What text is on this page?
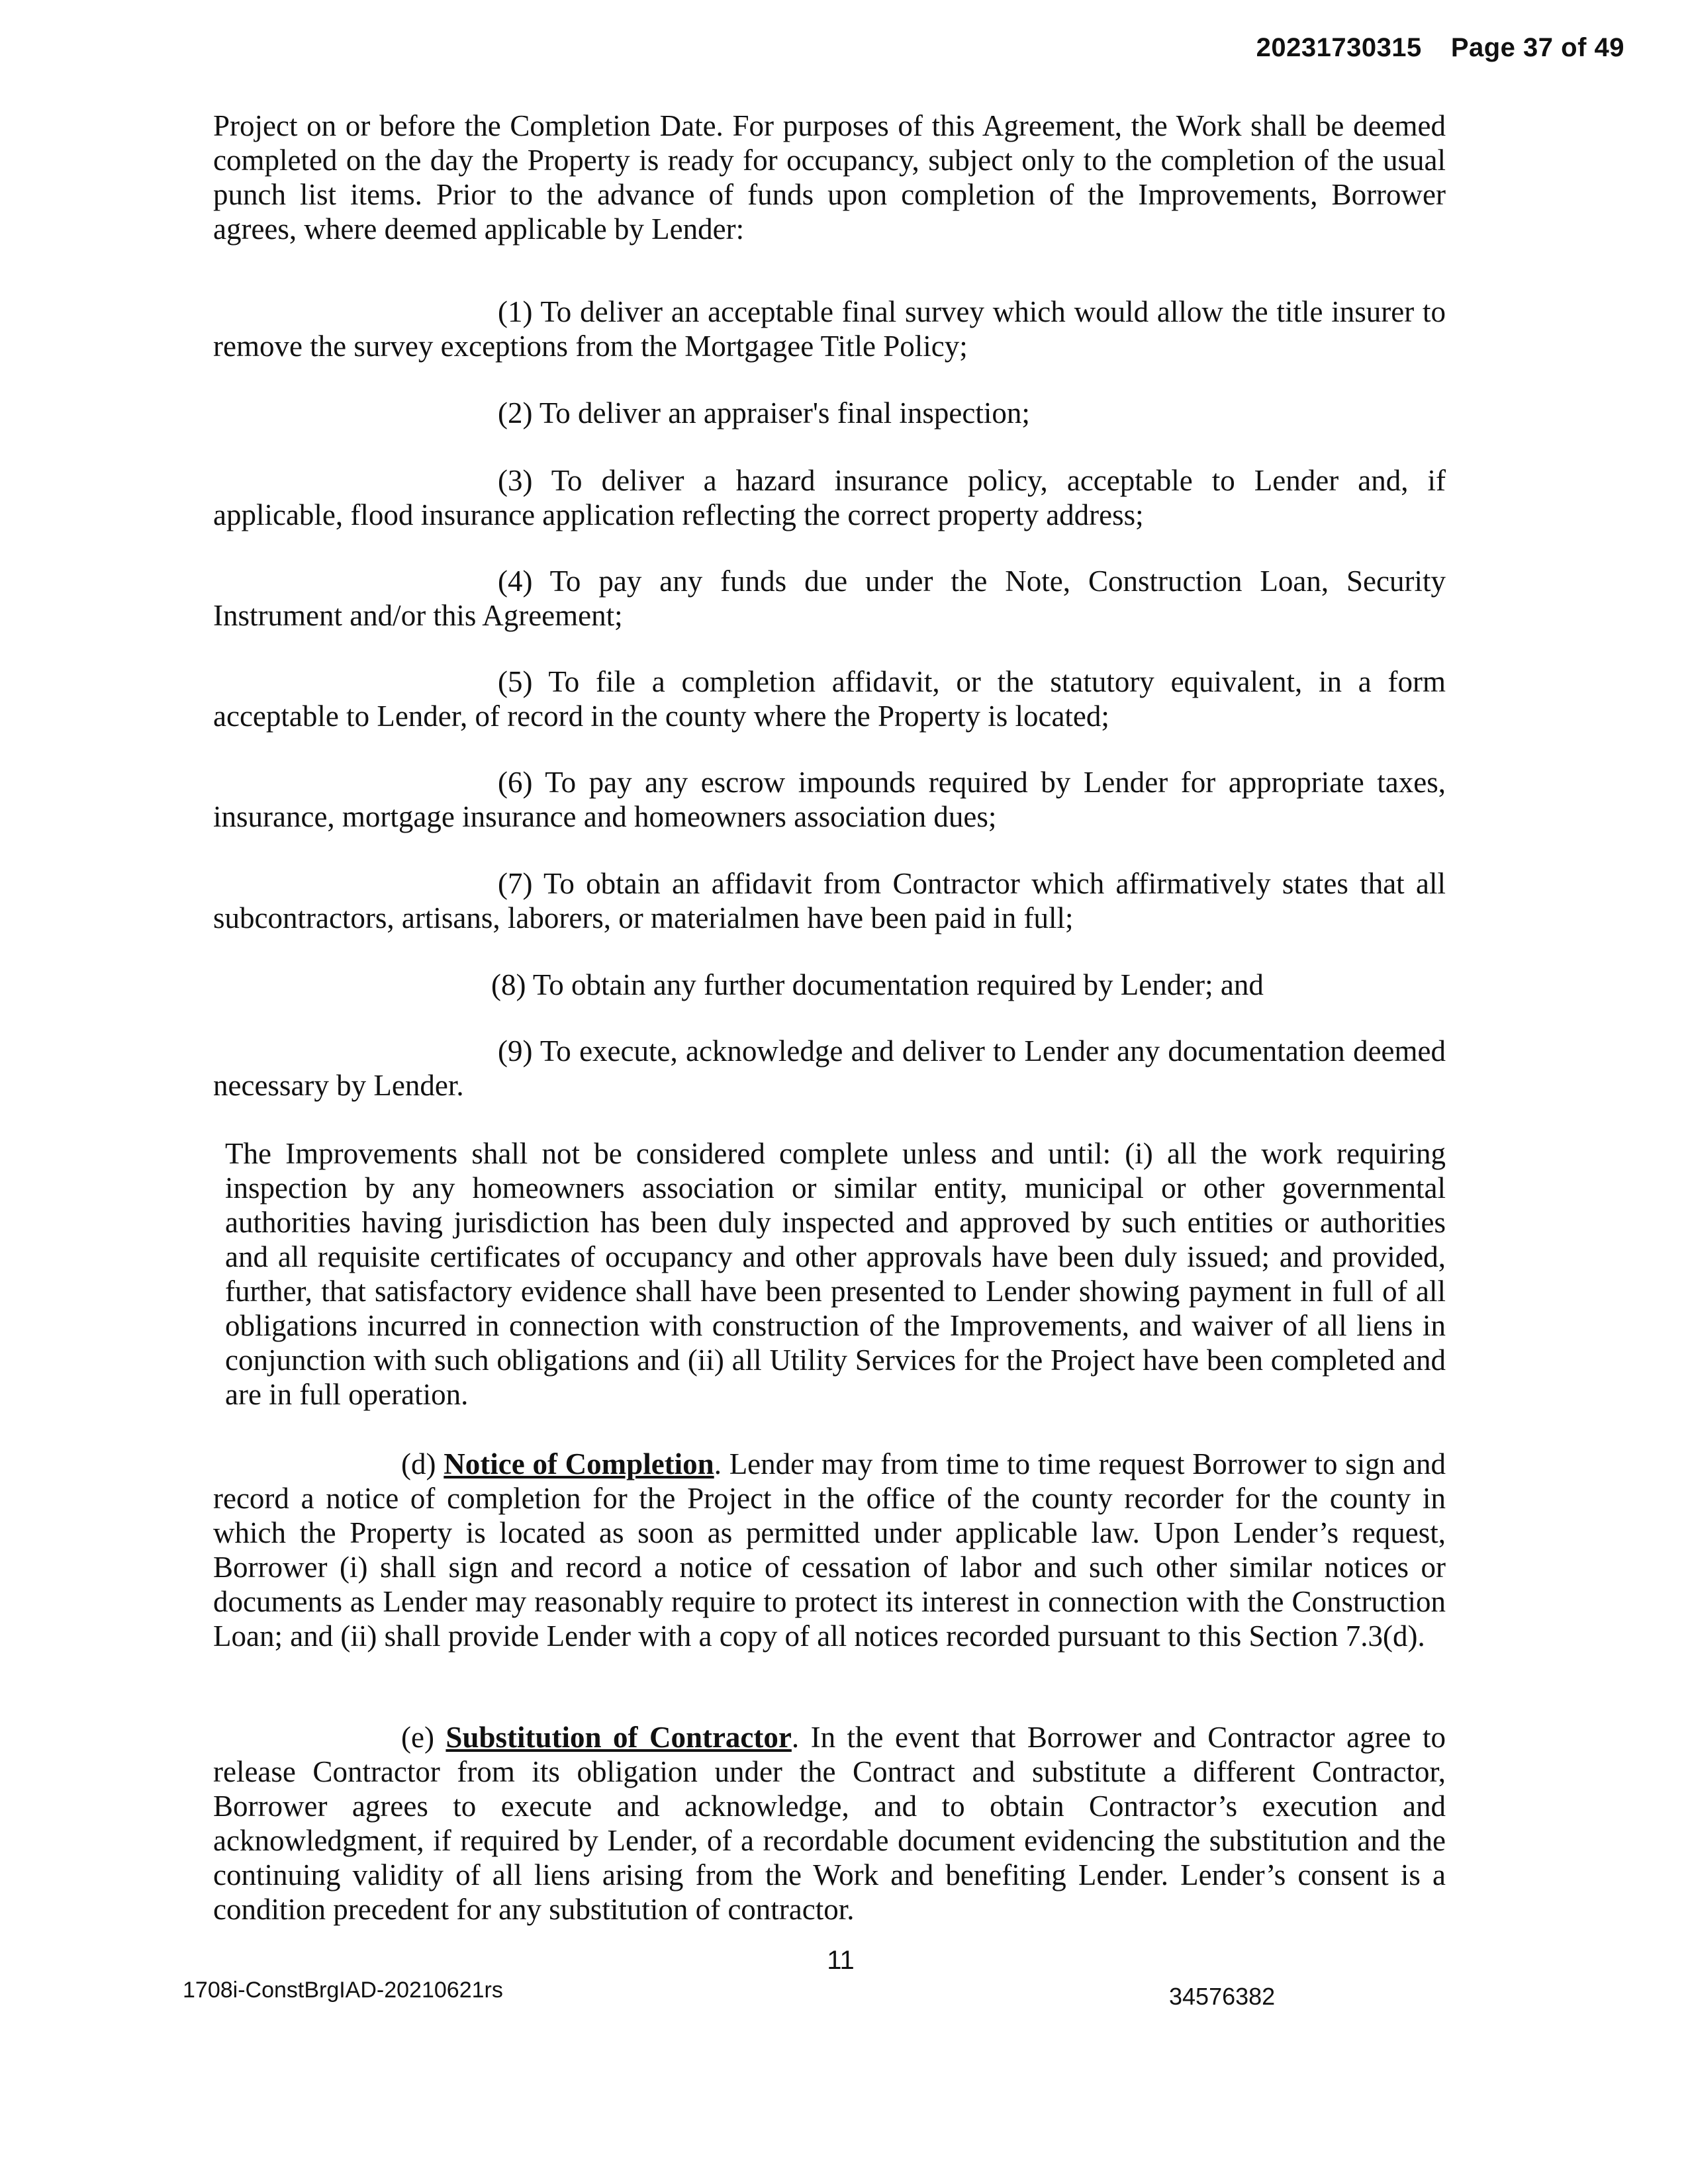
20231730315 Page 37 of 49

Project on or before the Completion Date. For purposes of this Agreement, the Work shall be deemed completed on the day the Property is ready for occupancy, subject only to the completion of the usual punch list items. Prior to the advance of funds upon completion of the Improvements, Borrower agrees, where deemed applicable by Lender:

(1) To deliver an acceptable final survey which would allow the title insurer to remove the survey exceptions from the Mortgagee Title Policy;
(2) To deliver an appraiser's final inspection;
(3) To deliver a hazard insurance policy, acceptable to Lender and, if applicable, flood insurance application reflecting the correct property address;
(4) To pay any funds due under the Note, Construction Loan, Security Instrument and/or this Agreement;
(5) To file a completion affidavit, or the statutory equivalent, in a form acceptable to Lender, of record in the county where the Property is located;
(6) To pay any escrow impounds required by Lender for appropriate taxes, insurance, mortgage insurance and homeowners association dues;
(7) To obtain an affidavit from Contractor which affirmatively states that all subcontractors, artisans, laborers, or materialmen have been paid in full;
(8) To obtain any further documentation required by Lender; and
(9) To execute, acknowledge and deliver to Lender any documentation deemed necessary by Lender.

The Improvements shall not be considered complete unless and until: (i) all the work requiring inspection by any homeowners association or similar entity, municipal or other governmental authorities having jurisdiction has been duly inspected and approved by such entities or authorities and all requisite certificates of occupancy and other approvals have been duly issued; and provided, further, that satisfactory evidence shall have been presented to Lender showing payment in full of all obligations incurred in connection with construction of the Improvements, and waiver of all liens in conjunction with such obligations and (ii) all Utility Services for the Project have been completed and are in full operation.

(d) Notice of Completion. Lender may from time to time request Borrower to sign and record a notice of completion for the Project in the office of the county recorder for the county in which the Property is located as soon as permitted under applicable law. Upon Lender’s request, Borrower (i) shall sign and record a notice of cessation of labor and such other similar notices or documents as Lender may reasonably require to protect its interest in connection with the Construction Loan; and (ii) shall provide Lender with a copy of all notices recorded pursuant to this Section 7.3(d).

(e) Substitution of Contractor. In the event that Borrower and Contractor agree to release Contractor from its obligation under the Contract and substitute a different Contractor, Borrower agrees to execute and acknowledge, and to obtain Contractor’s execution and acknowledgment, if required by Lender, of a recordable document evidencing the substitution and the continuing validity of all liens arising from the Work and benefiting Lender. Lender’s consent is a condition precedent for any substitution of contractor.

11
1708i-ConstBrgIAD-20210621rs	34576382
